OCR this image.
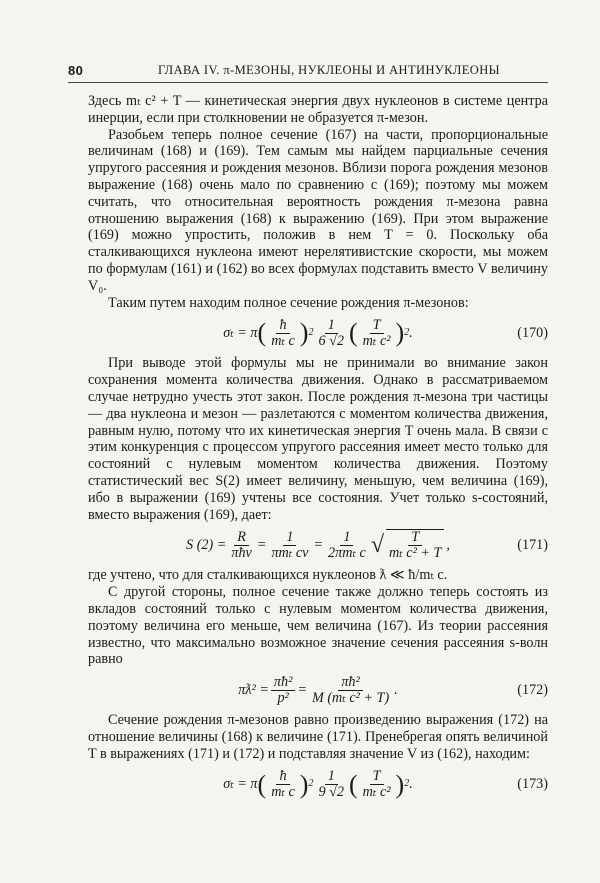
80	ГЛАВА IV. π-МЕЗОНЫ, НУКЛЕОНЫ И АНТИНУКЛЕОНЫ

Здесь mₜ c² + T — кинетическая энергия двух нуклеонов в системе центра инерции, если при столкновении не образуется π-мезон.

Разобьем теперь полное сечение (167) на части, пропорциональные величинам (168) и (169). Тем самым мы найдем парциальные сечения упругого рассеяния и рождения мезонов. Вблизи порога рождения мезонов выражение (168) очень мало по сравнению с (169); поэтому мы можем считать, что относительная вероятность рождения π-мезона равна отношению выражения (168) к выражению (169). При этом выражение (169) можно упростить, положив в нем T = 0. Поскольку оба сталкивающихся нуклеона имеют нерелятивистские скорости, мы можем по формулам (161) и (162) во всех формулах подставить вместо V величину V₀.

Таким путем находим полное сечение рождения π-мезонов:

σₜ = π ( $\frac{ħ}{\text{mₜ c}}$ ) $2 \frac{1}{6 √2}$ ( $\frac{T}{\text{mₜ c²}}$ ) 2 .	(170)

При выводе этой формулы мы не принимали во внимание закон сохранения момента количества движения. Однако в рассматриваемом случае нетрудно учесть этот закон. После рождения π-мезона три частицы — два нуклеона и мезон — разлетаются с моментом количества движения, равным нулю, потому что их кинетическая энергия T очень мала. В связи с этим конкуренция с процессом упругого рассеяния имеет место только для состояний с нулевым моментом количества движения. Поэтому статистический вес S(2) имеет величину, меньшую, чем величина (169), ибо в выражении (169) учтены все состояния. Учет только s-состояний, вместо выражения (169), дает:

S $(2) = \frac{R}{\text{πħv}} = \frac{1}{\text{πmₜ cv}} = \frac{1}{\text{2πmₜ c}}$ √ $\frac{T}{\text{mₜ c² + T}}$ ,	(171)

где учтено, что для сталкивающихся нуклеонов ƛ ≪ ħ/mₜ c.

С другой стороны, полное сечение также должно теперь состоять из вкладов состояний только с нулевым моментом количества движения, поэтому величина его меньше, чем величина (167). Из теории рассеяния известно, что максимально возможное значение сечения рассеяния s-волн равно

πƛ² = $\frac{\text{πħ²}}{\text{p²}} = \frac{\text{πħ²}}{\text{M (mₜ c² + T)}}$ .	(172)

Сечение рождения π-мезонов равно произведению выражения (172) на отношение величины (168) к величине (171). Пренебрегая опять величиной T в выражениях (171) и (172) и подставляя значение V из (162), находим:

σₜ = π ( $\frac{ħ}{\text{mₜ c}}$ ) $2 \frac{1}{9 √2}$ ( $\frac{T}{\text{mₜ c²}}$ ) 2 .	(173)
